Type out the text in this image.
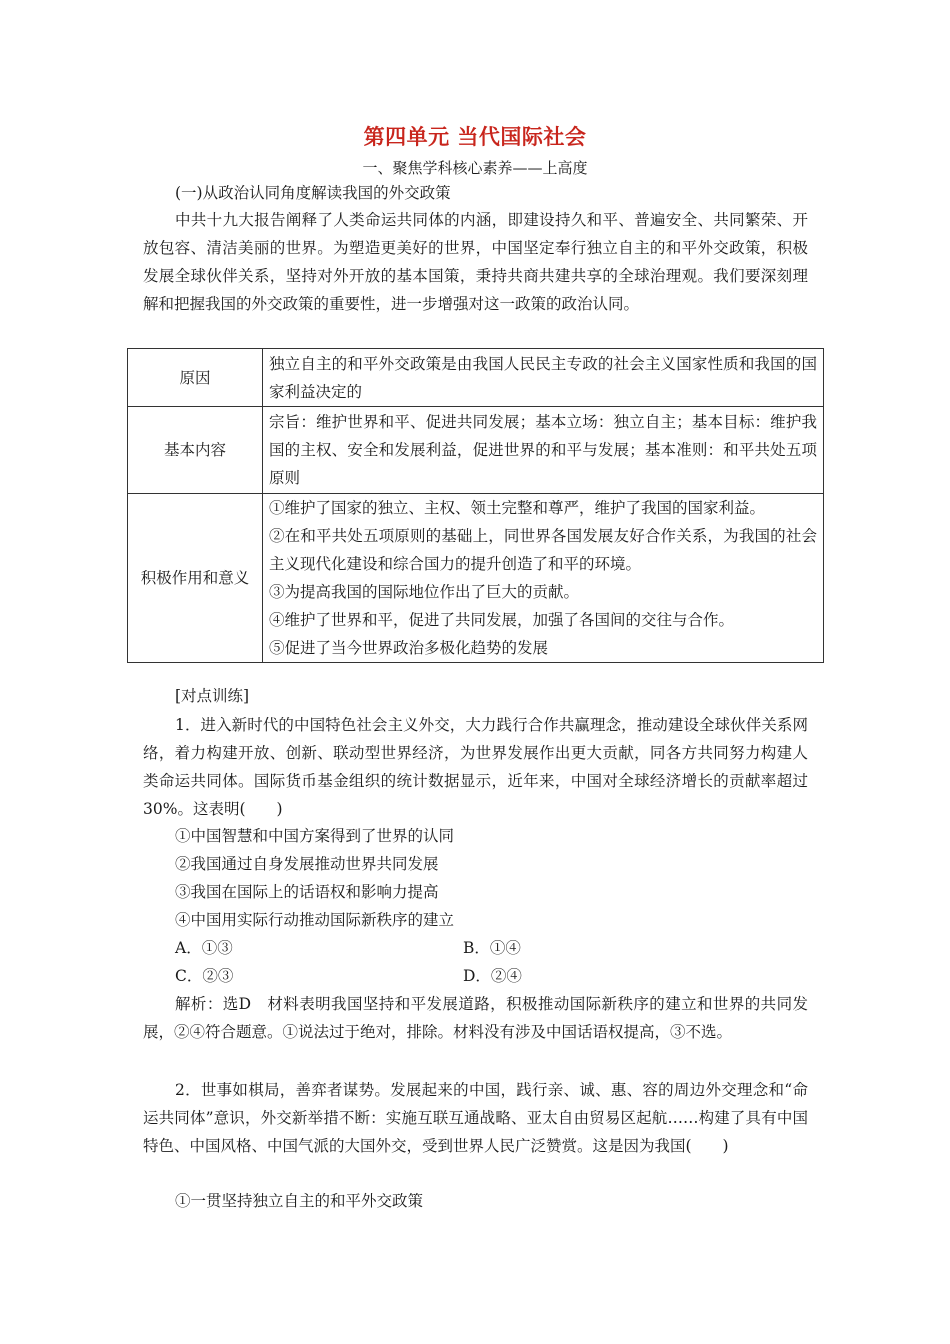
第四单元 当代国际社会

一、聚焦学科核心素养——上高度

(一)从政治认同角度解读我国的外交政策

中共十九大报告阐释了人类命运共同体的内涵，即建设持久和平、普遍安全、共同繁荣、开放包容、清洁美丽的世界。为塑造更美好的世界，中国坚定奉行独立自主的和平外交政策，积极发展全球伙伴关系，坚持对外开放的基本国策，秉持共商共建共享的全球治理观。我们要深刻理解和把握我国的外交政策的重要性，进一步增强对这一政策的政治认同。

原因	独立自主的和平外交政策是由我国人民民主专政的社会主义国家性质和我国的国家利益决定的

基本内容	宗旨：维护世界和平、促进共同发展；基本立场：独立自主；基本目标：维护我国的主权、安全和发展利益，促进世界的和平与发展；基本准则：和平共处五项原则

积极作用和意义	①维护了国家的独立、主权、领土完整和尊严，维护了我国的国家利益。
②在和平共处五项原则的基础上，同世界各国发展友好合作关系，为我国的社会主义现代化建设和综合国力的提升创造了和平的环境。
③为提高我国的国际地位作出了巨大的贡献。
④维护了世界和平，促进了共同发展，加强了各国间的交往与合作。
⑤促进了当今世界政治多极化趋势的发展

[对点训练]

1．进入新时代的中国特色社会主义外交，大力践行合作共赢理念，推动建设全球伙伴关系网络，着力构建开放、创新、联动型世界经济，为世界发展作出更大贡献，同各方共同努力构建人类命运共同体。国际货币基金组织的统计数据显示，近年来，中国对全球经济增长的贡献率超过30%。这表明(　　)

①中国智慧和中国方案得到了世界的认同

②我国通过自身发展推动世界共同发展

③我国在国际上的话语权和影响力提高

④中国用实际行动推动国际新秩序的建立

A．①③	B．①④
C．②③	D．②④

解析：选D　材料表明我国坚持和平发展道路，积极推动国际新秩序的建立和世界的共同发展，②④符合题意。①说法过于绝对，排除。材料没有涉及中国话语权提高，③不选。

2．世事如棋局，善弈者谋势。发展起来的中国，践行亲、诚、惠、容的周边外交理念和“命运共同体”意识，外交新举措不断：实施互联互通战略、亚太自由贸易区起航……构建了具有中国特色、中国风格、中国气派的大国外交，受到世界人民广泛赞赏。这是因为我国(　　)

①一贯坚持独立自主的和平外交政策
